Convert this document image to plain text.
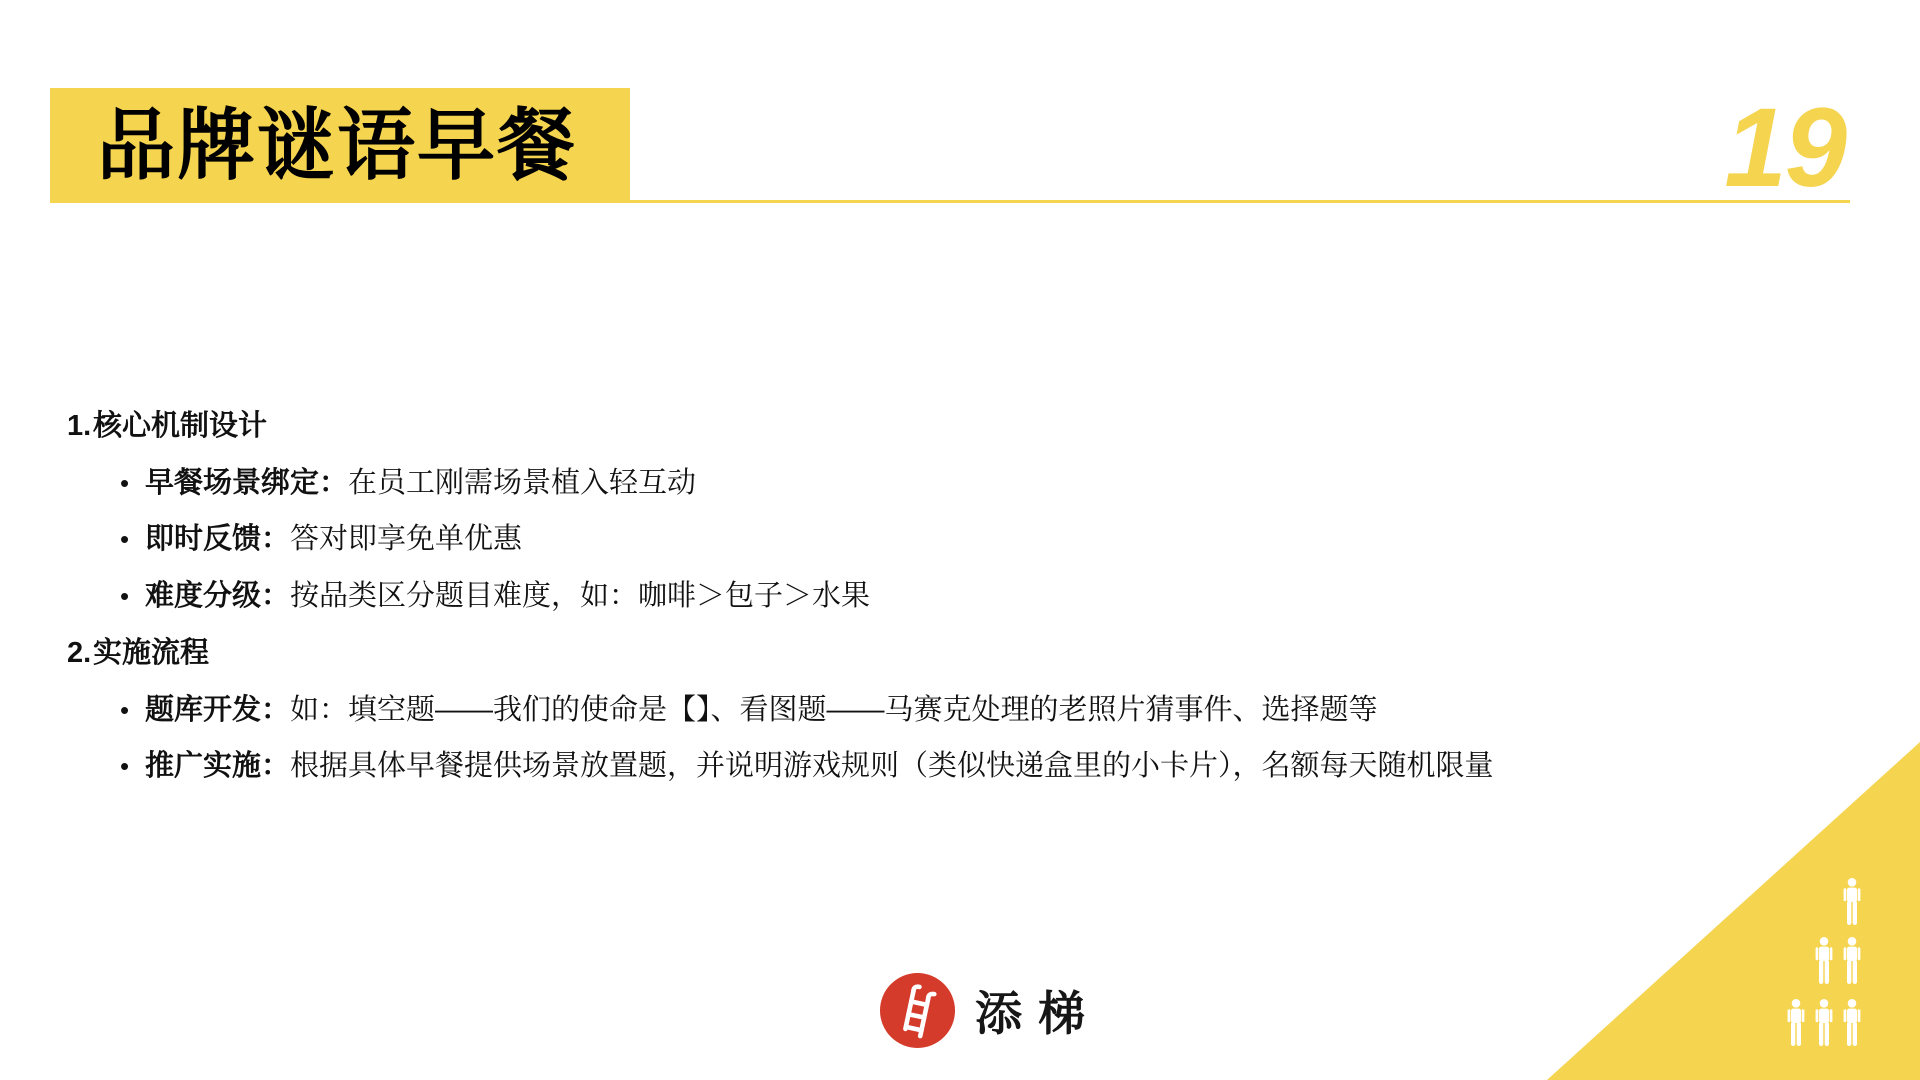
品牌谜语早餐	19
1. 核心机制设计
• 早餐场景绑定： 在员工刚需场景植入轻互动
• 即时反馈： 答对即享免单优惠
• 难度分级： 按品类区分题目难度，如：咖啡＞包子＞水果
2. 实施流程
• 题库开发： 如：填空题——我们的使命是【】、看图题——马赛克处理的老照片猜事件、选择题等
• 推广实施： 根据具体早餐提供场景放置题，并说明游戏规则（类似快递盒里的小卡片），名额每天随机限量
添梯
